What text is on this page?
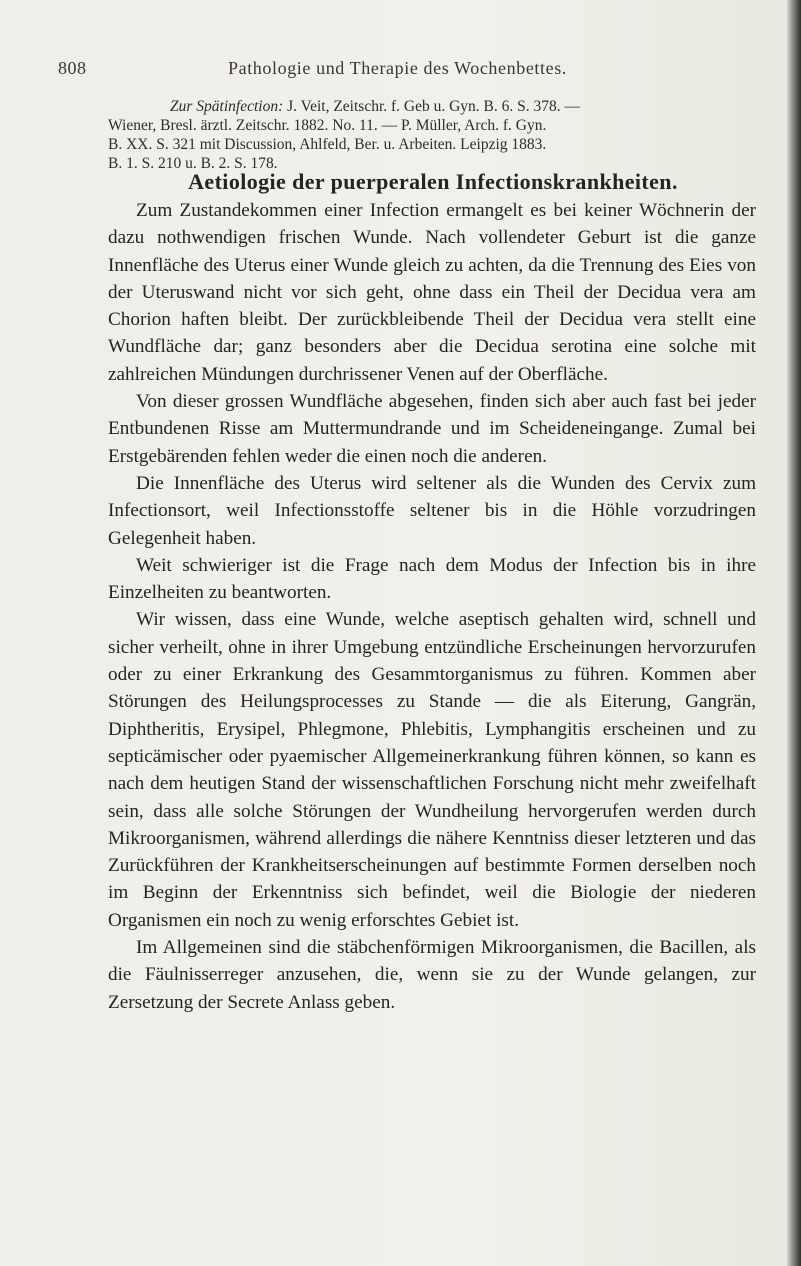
808	Pathologie und Therapie des Wochenbettes.

Zur Spätinfection: J. Veit, Zeitschr. f. Geb u. Gyn. B. 6. S. 378. —

Wiener, Bresl. ärztl. Zeitschr. 1882. No. 11. — P. Müller, Arch. f. Gyn.

B. XX. S. 321 mit Discussion, Ahlfeld, Ber. u. Arbeiten. Leipzig 1883.

B. 1. S. 210 u. B. 2. S. 178.

Aetiologie der puerperalen Infectionskrankheiten.

Zum Zustandekommen einer Infection ermangelt es bei keiner Wöchnerin der dazu nothwendigen frischen Wunde. Nach vollendeter Geburt ist die ganze Innenfläche des Uterus einer Wunde gleich zu achten, da die Trennung des Eies von der Uteruswand nicht vor sich geht, ohne dass ein Theil der Decidua vera am Chorion haften bleibt. Der zurückbleibende Theil der Decidua vera stellt eine Wundfläche dar; ganz besonders aber die Decidua serotina eine solche mit zahlreichen Mündungen durchrissener Venen auf der Oberfläche.

Von dieser grossen Wundfläche abgesehen, finden sich aber auch fast bei jeder Entbundenen Risse am Muttermundrande und im Scheideneingange. Zumal bei Erstgebärenden fehlen weder die einen noch die anderen.

Die Innenfläche des Uterus wird seltener als die Wunden des Cervix zum Infectionsort, weil Infectionsstoffe seltener bis in die Höhle vorzudringen Gelegenheit haben.

Weit schwieriger ist die Frage nach dem Modus der Infection bis in ihre Einzelheiten zu beantworten.

Wir wissen, dass eine Wunde, welche aseptisch gehalten wird, schnell und sicher verheilt, ohne in ihrer Umgebung entzündliche Erscheinungen hervorzurufen oder zu einer Erkrankung des Gesammtorganismus zu führen. Kommen aber Störungen des Heilungsprocesses zu Stande — die als Eiterung, Gangrän, Diphtheritis, Erysipel, Phlegmone, Phlebitis, Lymphangitis erscheinen und zu septicämischer oder pyaemischer Allgemeinerkrankung führen können, so kann es nach dem heutigen Stand der wissenschaftlichen Forschung nicht mehr zweifelhaft sein, dass alle solche Störungen der Wundheilung hervorgerufen werden durch Mikroorganismen, während allerdings die nähere Kenntniss dieser letzteren und das Zurückführen der Krankheitserscheinungen auf bestimmte Formen derselben noch im Beginn der Erkenntniss sich befindet, weil die Biologie der niederen Organismen ein noch zu wenig erforschtes Gebiet ist.

Im Allgemeinen sind die stäbchenförmigen Mikroorganismen, die Bacillen, als die Fäulnisserreger anzusehen, die, wenn sie zu der Wunde gelangen, zur Zersetzung der Secrete Anlass geben.
